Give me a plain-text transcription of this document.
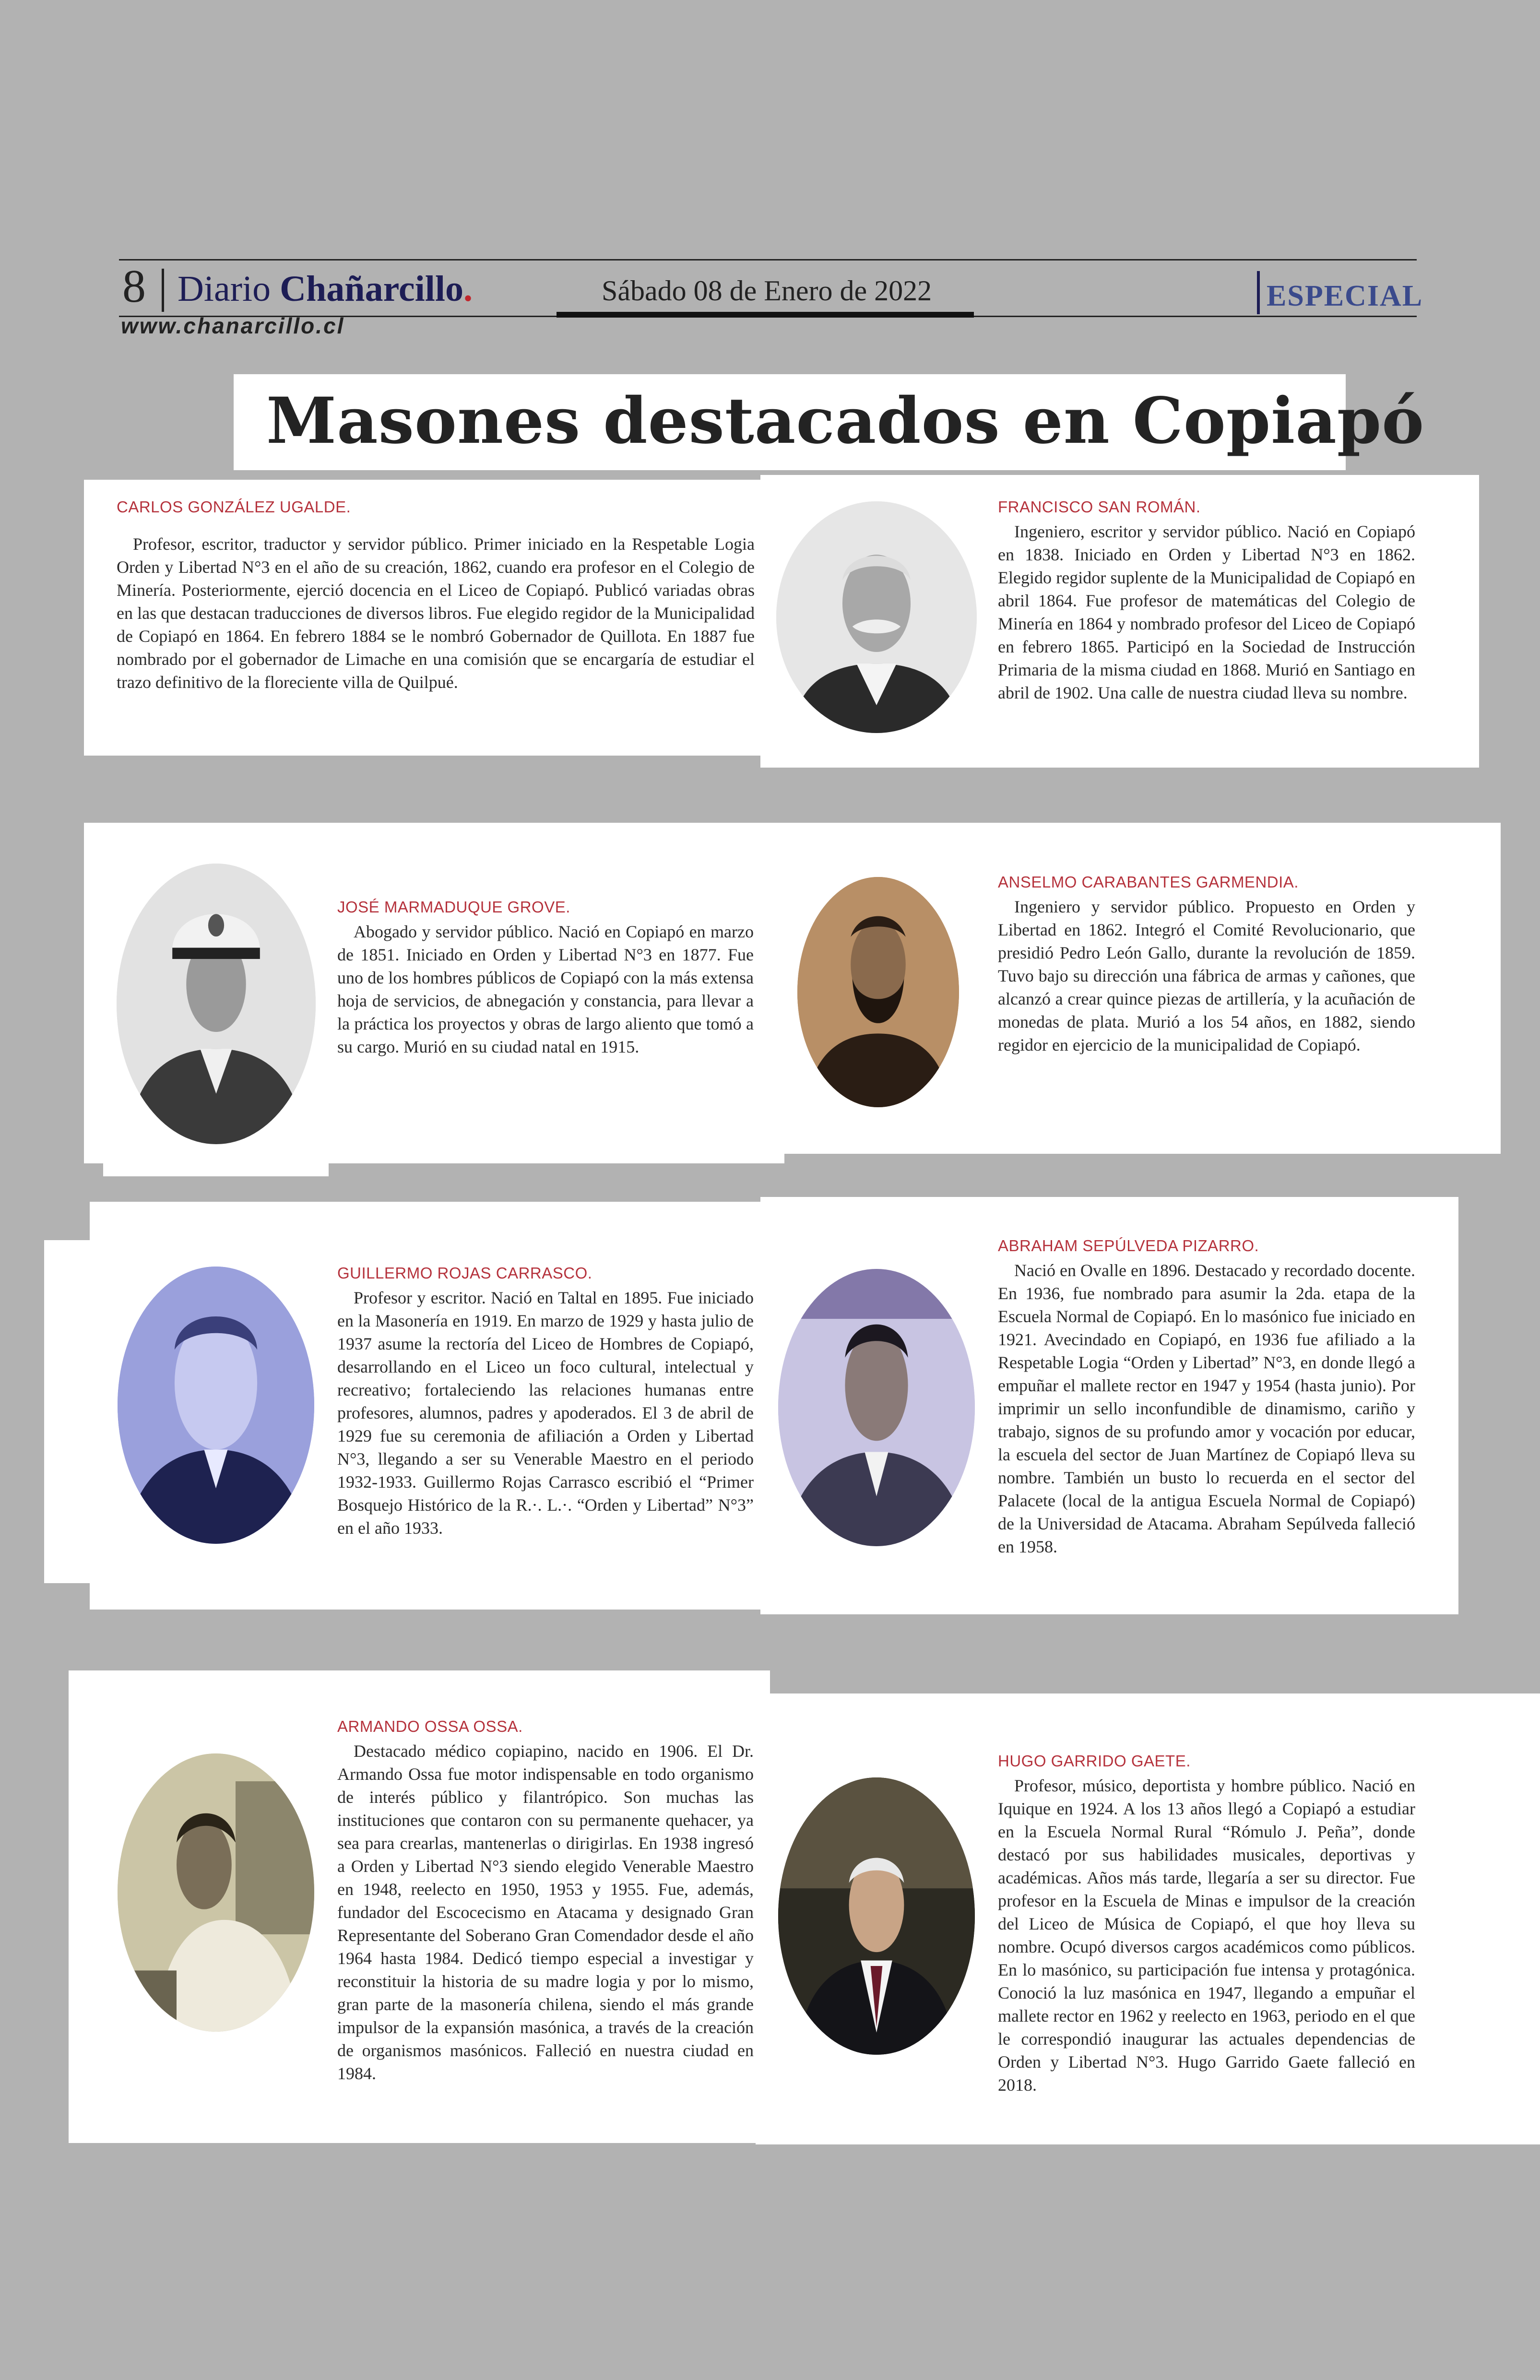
8 Diario Chañarcillo.	Sábado 08 de Enero de 2022	ESPECIAL
www.chanarcillo.cl
Masones destacados en Copiapó
CARLOS GONZÁLEZ UGALDE.
Profesor, escritor, traductor y servidor público. Primer iniciado en la Respetable Logia Orden y Libertad N°3 en el año de su creación, 1862, cuando era profesor en el Colegio de Minería. Posteriormente, ejerció docencia en el Liceo de Copiapó. Publicó variadas obras en las que destacan traducciones de diversos libros. Fue elegido regidor de la Municipalidad de Copiapó en 1864. En febrero 1884 se le nombró Gobernador de Quillota. En 1887 fue nombrado por el gobernador de Limache en una comisión que se encargaría de estudiar el trazo definitivo de la floreciente villa de Quilpué.
FRANCISCO SAN ROMÁN.
Ingeniero, escritor y servidor público. Nació en Copiapó en 1838. Iniciado en Orden y Libertad N°3 en 1862. Elegido regidor suplente de la Municipalidad de Copiapó en abril 1864. Fue profesor de matemáticas del Colegio de Minería en 1864 y nombrado profesor del Liceo de Copiapó en febrero 1865. Participó en la Sociedad de Instrucción Primaria de la misma ciudad en 1868. Murió en Santiago en abril de 1902. Una calle de nuestra ciudad lleva su nombre.
JOSÉ MARMADUQUE GROVE.
Abogado y servidor público. Nació en Copiapó en marzo de 1851. Iniciado en Orden y Libertad N°3 en 1877. Fue uno de los hombres públicos de Copiapó con la más extensa hoja de servicios, de abnegación y constancia, para llevar a la práctica los proyectos y obras de largo aliento que tomó a su cargo. Murió en su ciudad natal en 1915.
ANSELMO CARABANTES GARMENDIA.
Ingeniero y servidor público. Propuesto en Orden y Libertad en 1862. Integró el Comité Revolucionario, que presidió Pedro León Gallo, durante la revolución de 1859. Tuvo bajo su dirección una fábrica de armas y cañones, que alcanzó a crear quince piezas de artillería, y la acuñación de monedas de plata. Murió a los 54 años, en 1882, siendo regidor en ejercicio de la municipalidad de Copiapó.
GUILLERMO ROJAS CARRASCO.
Profesor y escritor. Nació en Taltal en 1895. Fue iniciado en la Masonería en 1919. En marzo de 1929 y hasta julio de 1937 asume la rectoría del Liceo de Hombres de Copiapó, desarrollando en el Liceo un foco cultural, intelectual y recreativo; fortaleciendo las relaciones humanas entre profesores, alumnos, padres y apoderados. El 3 de abril de 1929 fue su ceremonia de afiliación a Orden y Libertad N°3, llegando a ser su Venerable Maestro en el periodo 1932-1933. Guillermo Rojas Carrasco escribió el “Primer Bosquejo Histórico de la R.·. L.·. “Orden y Libertad” N°3” en el año 1933.
ABRAHAM SEPÚLVEDA PIZARRO.
Nació en Ovalle en 1896. Destacado y recordado docente. En 1936, fue nombrado para asumir la 2da. etapa de la Escuela Normal de Copiapó. En lo masónico fue iniciado en 1921. Avecindado en Copiapó, en 1936 fue afiliado a la Respetable Logia “Orden y Libertad” N°3, en donde llegó a empuñar el mallete rector en 1947 y 1954 (hasta junio). Por imprimir un sello inconfundible de dinamismo, cariño y trabajo, signos de su profundo amor y vocación por educar, la escuela del sector de Juan Martínez de Copiapó lleva su nombre. También un busto lo recuerda en el sector del Palacete (local de la antigua Escuela Normal de Copiapó) de la Universidad de Atacama. Abraham Sepúlveda falleció en 1958.
ARMANDO OSSA OSSA.
Destacado médico copiapino, nacido en 1906. El Dr. Armando Ossa fue motor indispensable en todo organismo de interés público y filantrópico. Son muchas las instituciones que contaron con su permanente quehacer, ya sea para crearlas, mantenerlas o dirigirlas. En 1938 ingresó a Orden y Libertad N°3 siendo elegido Venerable Maestro en 1948, reelecto en 1950, 1953 y 1955. Fue, además, fundador del Escocecismo en Atacama y designado Gran Representante del Soberano Gran Comendador desde el año 1964 hasta 1984. Dedicó tiempo especial a investigar y reconstituir la historia de su madre logia y por lo mismo, gran parte de la masonería chilena, siendo el más grande impulsor de la expansión masónica, a través de la creación de organismos masónicos. Falleció en nuestra ciudad en 1984.
HUGO GARRIDO GAETE.
Profesor, músico, deportista y hombre público. Nació en Iquique en 1924. A los 13 años llegó a Copiapó a estudiar en la Escuela Normal Rural “Rómulo J. Peña”, donde destacó por sus habilidades musicales, deportivas y académicas. Años más tarde, llegaría a ser su director. Fue profesor en la Escuela de Minas e impulsor de la creación del Liceo de Música de Copiapó, el que hoy lleva su nombre. Ocupó diversos cargos académicos como públicos. En lo masónico, su participación fue intensa y protagónica. Conoció la luz masónica en 1947, llegando a empuñar el mallete rector en 1962 y reelecto en 1963, periodo en el que le correspondió inaugurar las actuales dependencias de Orden y Libertad N°3. Hugo Garrido Gaete falleció en 2018.
